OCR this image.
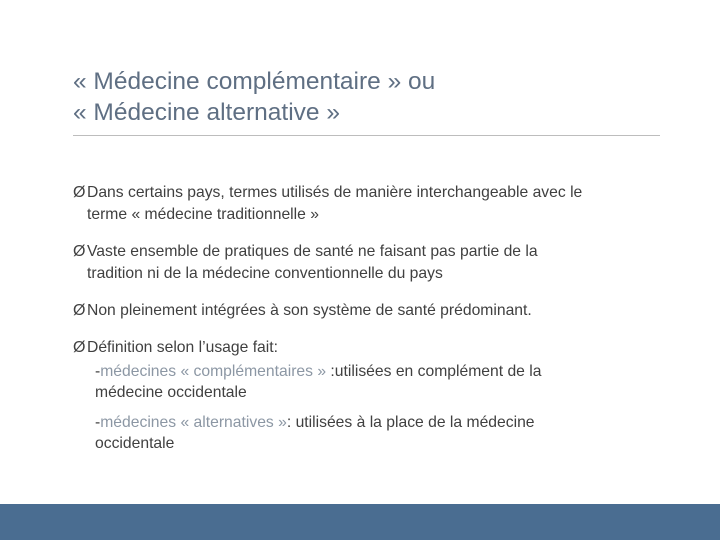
« Médecine complémentaire » ou
« Médecine alternative »
Ø Dans certains pays, termes utilisés de manière interchangeable avec le
terme « médecine traditionnelle »
Ø Vaste ensemble de pratiques de santé ne faisant pas partie de la
tradition ni de la médecine conventionnelle du pays
Ø Non pleinement intégrées à son système de santé prédominant.
Ø Définition selon l’usage fait:
-médecines « complémentaires » :utilisées en complément de la
médecine occidentale
-médecines « alternatives »: utilisées à la place de la médecine
occidentale
